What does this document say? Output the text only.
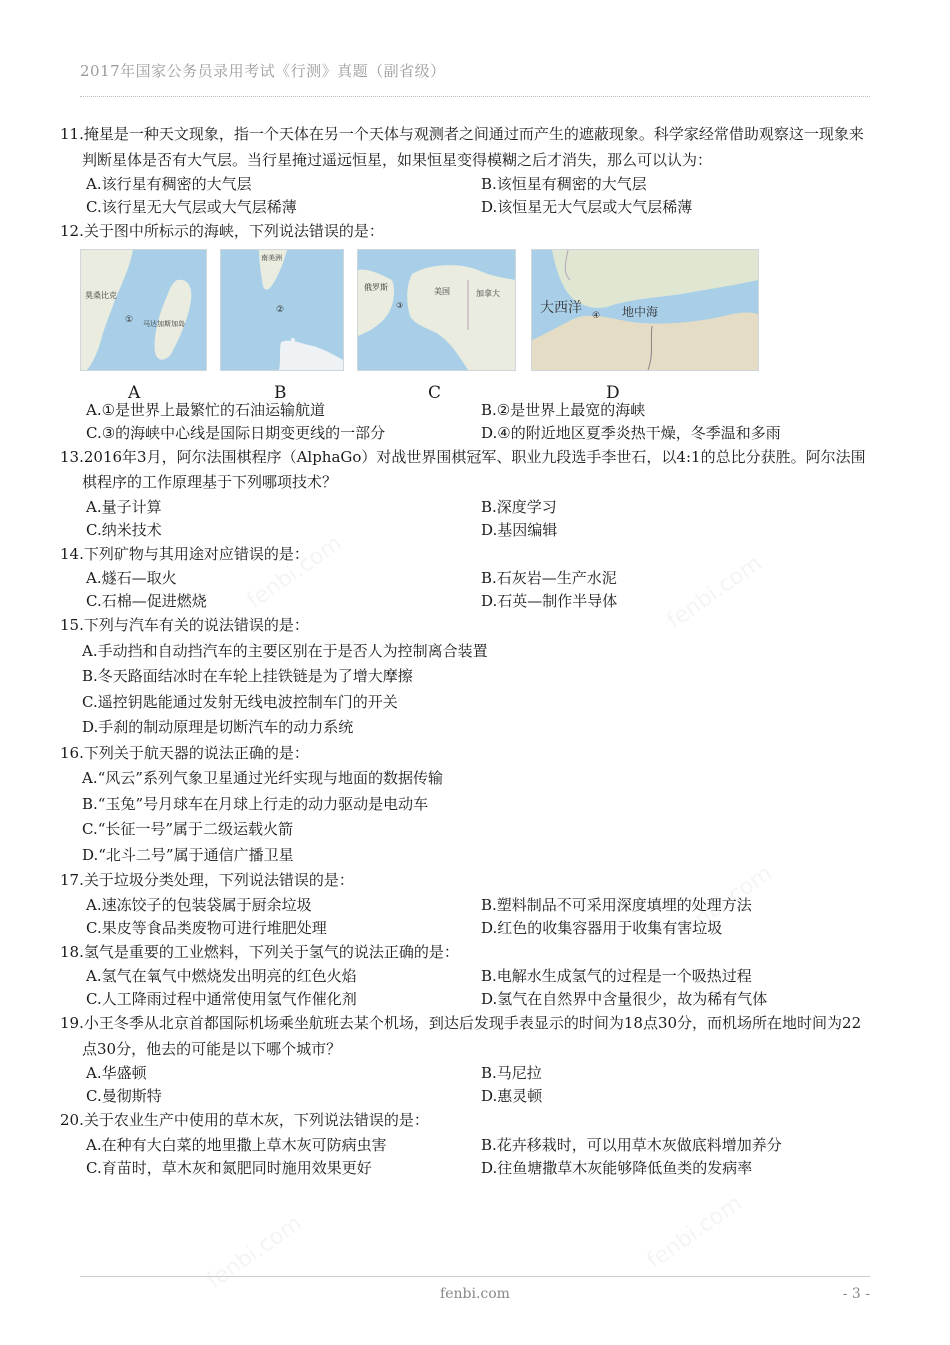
2017年国家公务员录用考试《行测》真题（副省级）
11.掩星是一种天文现象，指一个天体在另一个天体与观测者之间通过而产生的遮蔽现象。科学家经常借助观察这一现象来判断星体是否有大气层。当行星掩过遥远恒星，如果恒星变得模糊之后才消失，那么可以认为：
A.该行星有稠密的大气层	B.该恒星有稠密的大气层
C.该行星无大气层或大气层稀薄	D.该恒星无大气层或大气层稀薄
12.关于图中所标示的海峡，下列说法错误的是：
莫桑比克
① 马达加斯加岛
A
南美洲
②
B
俄罗斯
③
美国	加拿大
C
大西洋 ④ 地中海
D
A.①是世界上最繁忙的石油运输航道	B.②是世界上最宽的海峡
C.③的海峡中心线是国际日期变更线的一部分	D.④的附近地区夏季炎热干燥，冬季温和多雨
13.2016年3月，阿尔法围棋程序（AlphaGo）对战世界围棋冠军、职业九段选手李世石，以4:1的总比分获胜。阿尔法围棋程序的工作原理基于下列哪项技术？
A.量子计算	B.深度学习
C.纳米技术	D.基因编辑
14.下列矿物与其用途对应错误的是：
A.燧石—取火	B.石灰岩—生产水泥
C.石棉—促进燃烧	D.石英—制作半导体
15.下列与汽车有关的说法错误的是：
A.手动挡和自动挡汽车的主要区别在于是否人为控制离合装置
B.冬天路面结冰时在车轮上挂铁链是为了增大摩擦
C.遥控钥匙能通过发射无线电波控制车门的开关
D.手刹的制动原理是切断汽车的动力系统
16.下列关于航天器的说法正确的是：
A.“风云”系列气象卫星通过光纤实现与地面的数据传输
B.“玉兔”号月球车在月球上行走的动力驱动是电动车
C.“长征一号”属于二级运载火箭
D.“北斗二号”属于通信广播卫星
17.关于垃圾分类处理，下列说法错误的是：
A.速冻饺子的包装袋属于厨余垃圾	B.塑料制品不可采用深度填埋的处理方法
C.果皮等食品类废物可进行堆肥处理	D.红色的收集容器用于收集有害垃圾
18.氢气是重要的工业燃料，下列关于氢气的说法正确的是：
A.氢气在氧气中燃烧发出明亮的红色火焰	B.电解水生成氢气的过程是一个吸热过程
C.人工降雨过程中通常使用氢气作催化剂	D.氢气在自然界中含量很少，故为稀有气体
19.小王冬季从北京首都国际机场乘坐航班去某个机场，到达后发现手表显示的时间为18点30分，而机场所在地时间为22点30分，他去的可能是以下哪个城市？
A.华盛顿	B.马尼拉
C.曼彻斯特	D.惠灵顿
20.关于农业生产中使用的草木灰，下列说法错误的是：
A.在种有大白菜的地里撒上草木灰可防病虫害	B.花卉移栽时，可以用草木灰做底料增加养分
C.育苗时，草木灰和氮肥同时施用效果更好	D.往鱼塘撒草木灰能够降低鱼类的发病率
fenbi.com	- 3 -
